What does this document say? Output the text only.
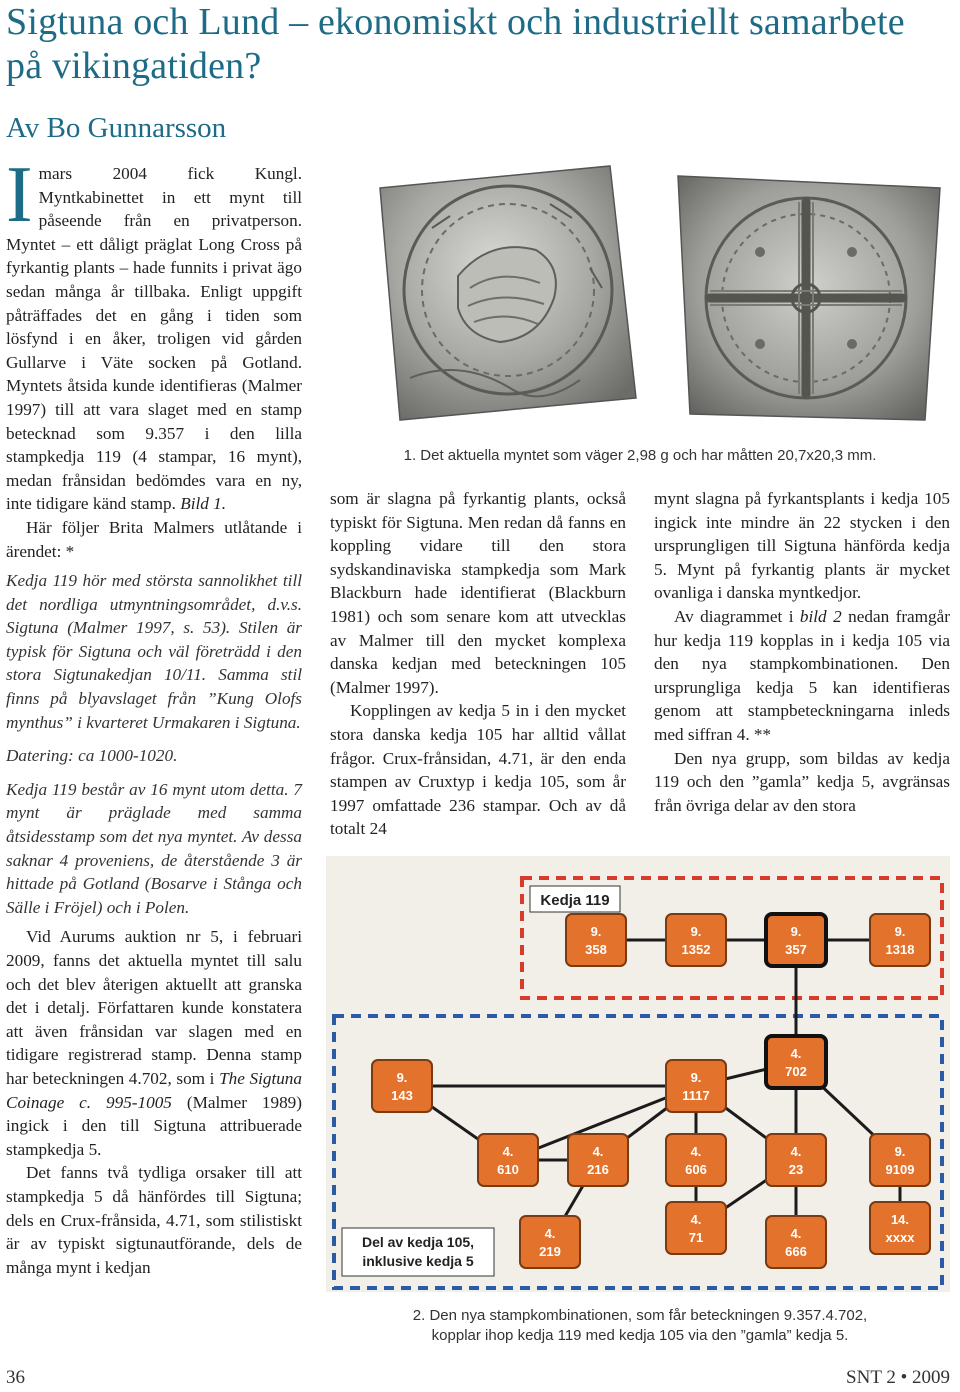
Sigtuna och Lund – ekonomiskt och industriellt samarbete på vikingatiden?
Av Bo Gunnarsson

Imars 2004 fick Kungl. Myntkabinettet in ett mynt till påseende från en privatperson. Myntet – ett dåligt präglat Long Cross på fyrkantig plants – hade funnits i privat ägo sedan många år tillbaka. Enligt uppgift påträffades det en gång i tiden som lösfynd i en åker, troligen vid gården Gullarve i Väte socken på Gotland. Myntets åtsida kunde identifieras (Malmer 1997) till att vara slaget med en stamp betecknad som 9.357 i den lilla stampkedja 119 (4 stampar, 16 mynt), medan frånsidan bedömdes vara en ny, inte tidigare känd stamp. Bild 1.

Här följer Brita Malmers utlåtande i ärendet: *

Kedja 119 hör med största sannolikhet till det nordliga utmyntningsområdet, d.v.s. Sigtuna (Malmer 1997, s. 53). Stilen är typisk för Sigtuna och väl företrädd i den stora Sigtunakedjan 10/11. Samma stil finns på blyavslaget från ”Kung Olofs mynthus” i kvarteret Urmakaren i Sigtuna.

Datering: ca 1000-1020.

Kedja 119 består av 16 mynt utom detta. 7 mynt är präglade med samma åtsidesstamp som det nya myntet. Av dessa saknar 4 proveniens, de återstående 3 är hittade på Gotland (Bosarve i Stånga och Sälle i Fröjel) och i Polen.

Vid Aurums auktion nr 5, i februari 2009, fanns det aktuella myntet till salu och det blev återigen aktuellt att granska det i detalj. Författaren kunde konstatera att även frånsidan var slagen med en tidigare registrerad stamp. Denna stamp har beteckningen 4.702, som i The Sigtuna Coinage c. 995-1005 (Malmer 1989) ingick i den till Sigtuna attribuerade stampkedja 5.

Det fanns två tydliga orsaker till att stampkedja 5 då hänfördes till Sigtuna; dels en Crux-frånsida, 4.71, som stilistiskt är av typiskt sigtunautförande, dels de många mynt i kedjan

1. Det aktuella myntet som väger 2,98 g och har måtten 20,7x20,3 mm.

som är slagna på fyrkantig plants, också typiskt för Sigtuna. Men redan då fanns en koppling vidare till den stora sydskandinaviska stampkedja som Mark Blackburn hade identifierat (Blackburn 1981) och som senare kom att utvecklas av Malmer till den mycket komplexa danska kedjan med beteckningen 105 (Malmer 1997).

Kopplingen av kedja 5 in i den mycket stora danska kedja 105 har alltid vållat frågor. Crux-frånsidan, 4.71, är den enda stampen av Cruxtyp i kedja 105, som år 1997 omfattade 236 stampar. Och av då totalt 24

mynt slagna på fyrkantsplants i kedja 105 ingick inte mindre än 22 stycken i den ursprungligen till Sigtuna hänförda kedja 5. Mynt på fyrkantig plants är mycket ovanliga i danska myntkedjor.

Av diagrammet i bild 2 nedan framgår hur kedja 119 kopplas in i kedja 105 via den nya stampkombinationen. Den ursprungliga kedja 5 kan identifieras genom att stampbeteckningarna inleds med siffran 4. **

Den nya grupp, som bildas av kedja 119 och den ”gamla” kedja 5, avgränsas från övriga delar av den stora

9.
358
9.
1352
9.
357
9.
1318
4.
702
9.
143
9.
1117
4.
610
4.
216
4.
606
4.
23
9.
9109
4.
71
14.
xxxx
4.
219
4.
666
Kedja 119
Del av kedja 105,
inklusive kedja 5
2. Den nya stampkombinationen, som får beteckningen 9.357.4.702,
kopplar ihop kedja 119 med kedja 105 via den ”gamla” kedja 5.
36	SNT 2 • 2009
